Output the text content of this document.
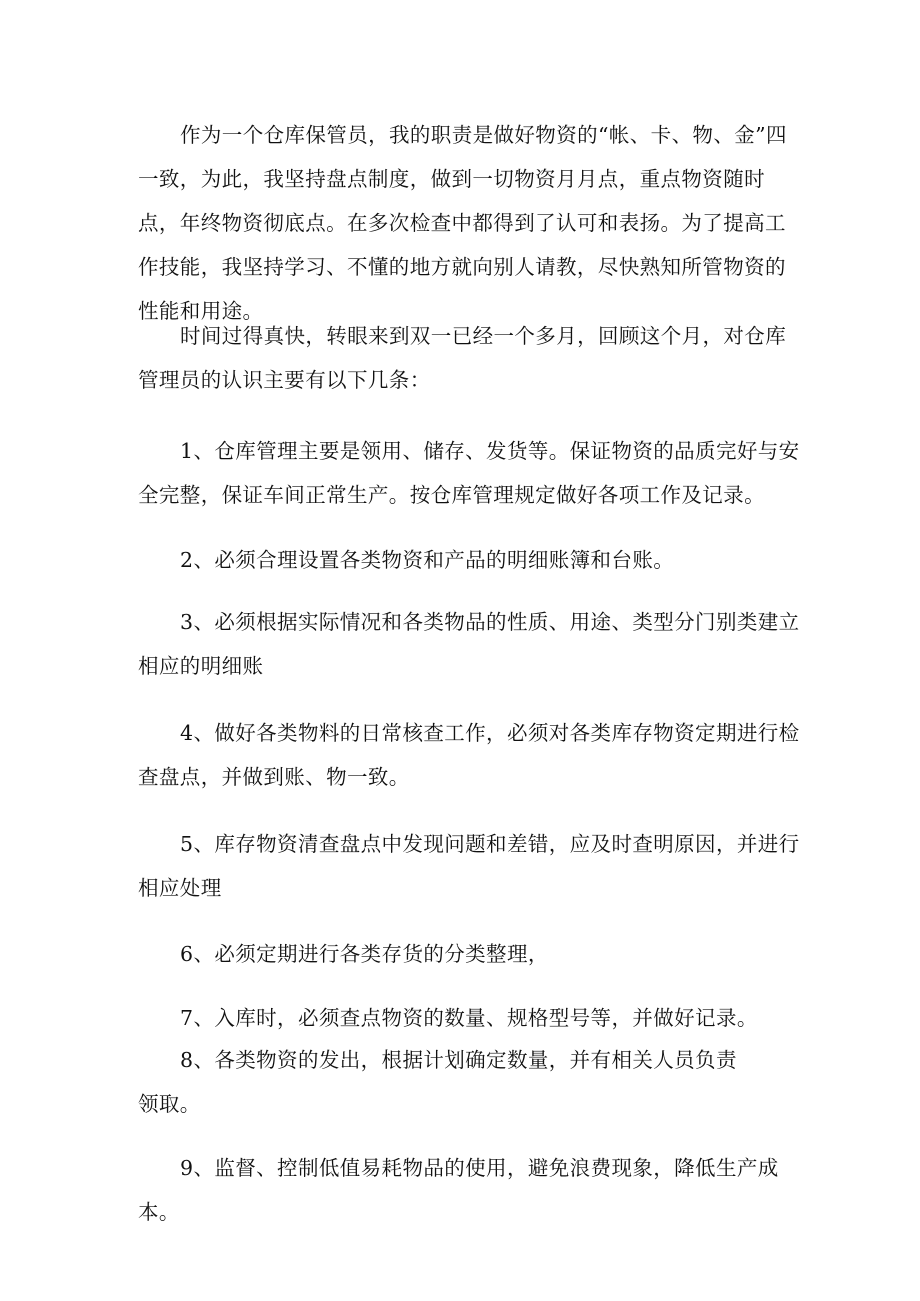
作为一个仓库保管员，我的职责是做好物资的“帐、卡、物、金”四一致，为此，我坚持盘点制度，做到一切物资月月点，重点物资随时点，年终物资彻底点。在多次检查中都得到了认可和表扬。为了提高工作技能，我坚持学习、不懂的地方就向别人请教，尽快熟知所管物资的性能和用途。

时间过得真快，转眼来到双一已经一个多月，回顾这个月，对仓库管理员的认识主要有以下几条：

1、仓库管理主要是领用、储存、发货等。保证物资的品质完好与安全完整，保证车间正常生产。按仓库管理规定做好各项工作及记录。

2、必须合理设置各类物资和产品的明细账簿和台账。

3、必须根据实际情况和各类物品的性质、用途、类型分门别类建立相应的明细账

4、做好各类物料的日常核查工作，必须对各类库存物资定期进行检查盘点，并做到账、物一致。

5、库存物资清查盘点中发现问题和差错，应及时查明原因，并进行相应处理

6、必须定期进行各类存货的分类整理，

7、入库时，必须查点物资的数量、规格型号等，并做好记录。

8、各类物资的发出，根据计划确定数量，并有相关人员负责领取。

9、监督、控制低值易耗物品的使用，避免浪费现象，降低生产成本。
